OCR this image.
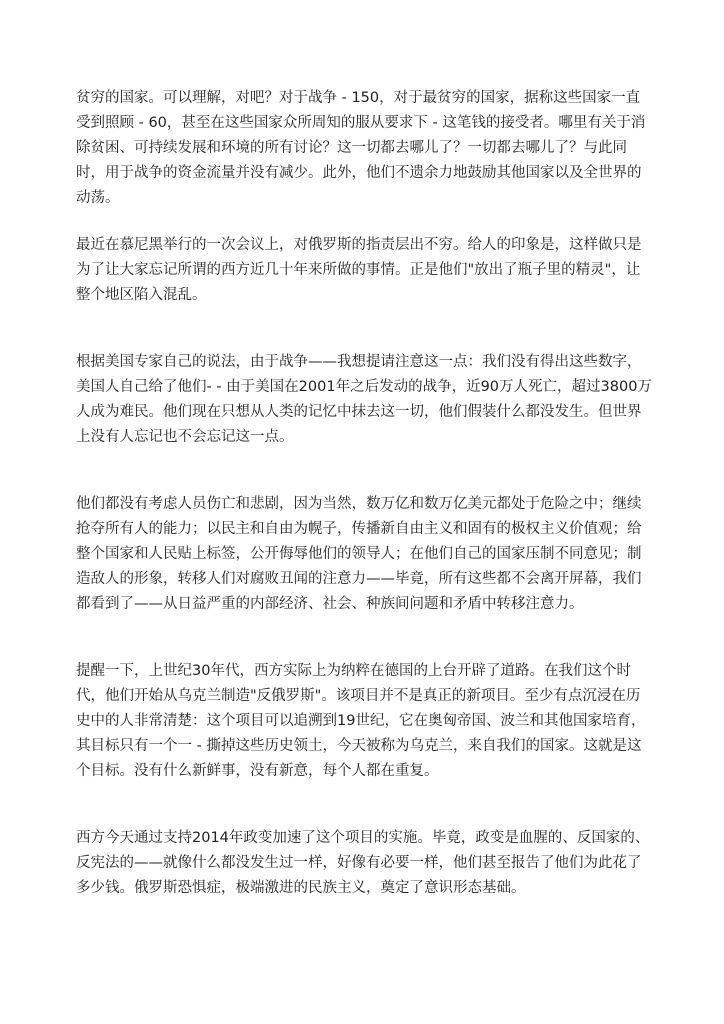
贫穷的国家。可以理解，对吧？对于战争 - 150，对于最贫穷的国家，据称这些国家一直受到照顾 - 60，甚至在这些国家众所周知的服从要求下 - 这笔钱的接受者。哪里有关于消除贫困、可持续发展和环境的所有讨论？这一切都去哪儿了？一切都去哪儿了？与此同时，用于战争的资金流量并没有减少。此外，他们不遗余力地鼓励其他国家以及全世界的动荡。

最近在慕尼黑举行的一次会议上，对俄罗斯的指责层出不穷。给人的印象是，这样做只是为了让大家忘记所谓的西方近几十年来所做的事情。正是他们"放出了瓶子里的精灵"，让整个地区陷入混乱。

根据美国专家自己的说法，由于战争——我想提请注意这一点：我们没有得出这些数字，美国人自己给了他们- - 由于美国在2001年之后发动的战争，近90万人死亡，超过3800万人成为难民。他们现在只想从人类的记忆中抹去这一切，他们假装什么都没发生。但世界上没有人忘记也不会忘记这一点。

他们都没有考虑人员伤亡和悲剧，因为当然，数万亿和数万亿美元都处于危险之中；继续抢夺所有人的能力；以民主和自由为幌子，传播新自由主义和固有的极权主义价值观；给整个国家和人民贴上标签，公开侮辱他们的领导人；在他们自己的国家压制不同意见；制造敌人的形象，转移人们对腐败丑闻的注意力——毕竟，所有这些都不会离开屏幕，我们都看到了——从日益严重的内部经济、社会、种族间问题和矛盾中转移注意力。

提醒一下，上世纪30年代，西方实际上为纳粹在德国的上台开辟了道路。在我们这个时代，他们开始从乌克兰制造"反俄罗斯"。该项目并不是真正的新项目。至少有点沉浸在历史中的人非常清楚：这个项目可以追溯到19世纪，它在奥匈帝国、波兰和其他国家培育，其目标只有一个一 - 撕掉这些历史领土，今天被称为乌克兰，来自我们的国家。这就是这个目标。没有什么新鲜事，没有新意，每个人都在重复。

西方今天通过支持2014年政变加速了这个项目的实施。毕竟，政变是血腥的、反国家的、反宪法的——就像什么都没发生过一样，好像有必要一样，他们甚至报告了他们为此花了多少钱。俄罗斯恐惧症，极端激进的民族主义，奠定了意识形态基础。
